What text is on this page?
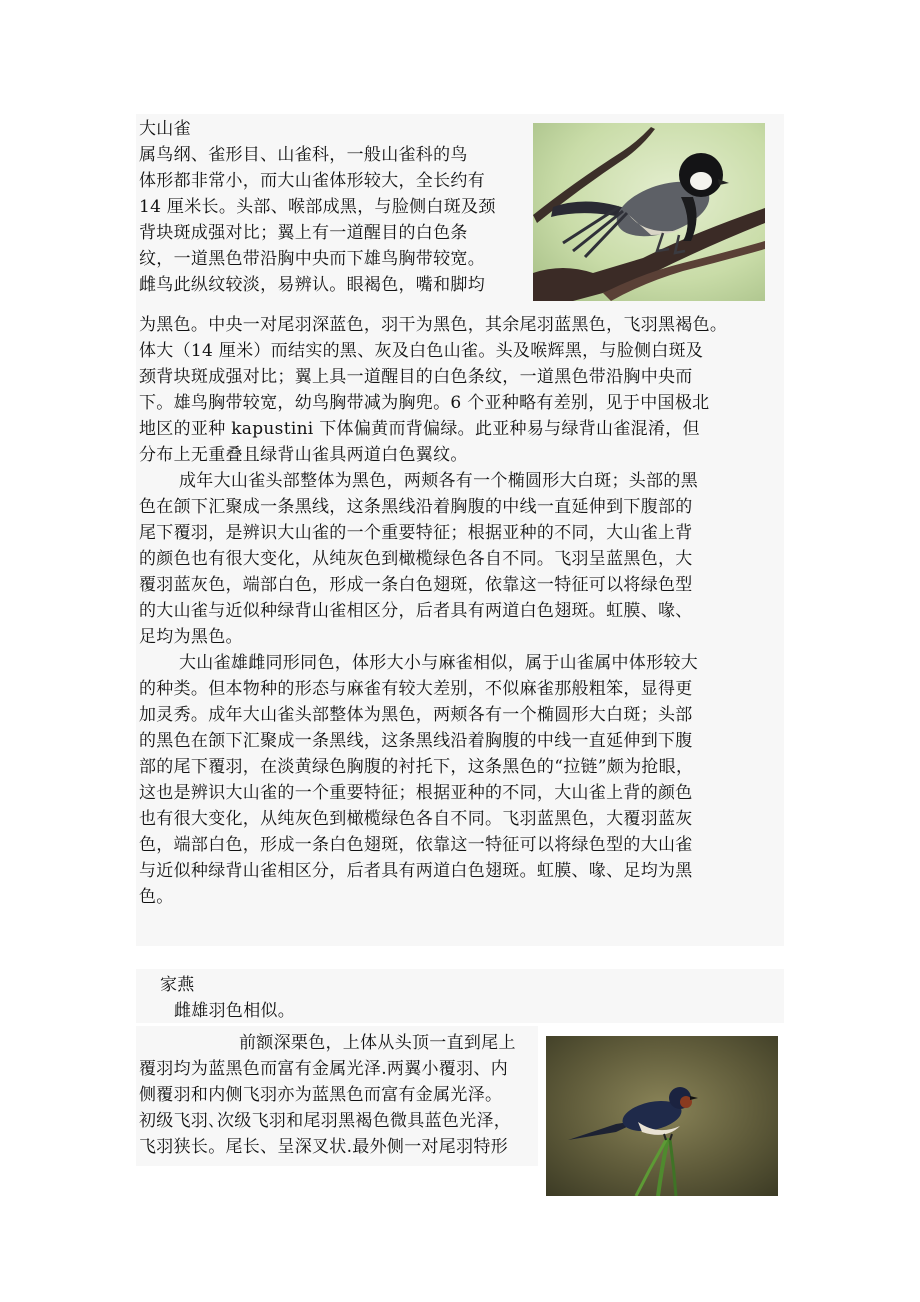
大山雀
属鸟纲、雀形目、山雀科，一般山雀科的鸟
体形都非常小，而大山雀体形较大，全长约有
14 厘米长。头部、喉部成黑，与脸侧白斑及颈
背块斑成强对比；翼上有一道醒目的白色条
纹，一道黑色带沿胸中央而下雄鸟胸带较宽。
雌鸟此纵纹较淡，易辨认。眼褐色，嘴和脚均
为黑色。中央一对尾羽深蓝色，羽干为黑色，其余尾羽蓝黑色，飞羽黑褐色。
体大（14 厘米）而结实的黑、灰及白色山雀。头及喉辉黑，与脸侧白斑及
颈背块斑成强对比；翼上具一道醒目的白色条纹，一道黑色带沿胸中央而
下。雄鸟胸带较宽，幼鸟胸带减为胸兜。6 个亚种略有差别，见于中国极北
地区的亚种 kapustini 下体偏黄而背偏绿。此亚种易与绿背山雀混淆，但
分布上无重叠且绿背山雀具两道白色翼纹。
成年大山雀头部整体为黑色，两颊各有一个椭圆形大白斑；头部的黑
色在颌下汇聚成一条黑线，这条黑线沿着胸腹的中线一直延伸到下腹部的
尾下覆羽，是辨识大山雀的一个重要特征；根据亚种的不同，大山雀上背
的颜色也有很大变化，从纯灰色到橄榄绿色各自不同。飞羽呈蓝黑色，大
覆羽蓝灰色，端部白色，形成一条白色翅斑，依靠这一特征可以将绿色型
的大山雀与近似种绿背山雀相区分，后者具有两道白色翅斑。虹膜、喙、
足均为黑色。
大山雀雄雌同形同色，体形大小与麻雀相似，属于山雀属中体形较大
的种类。但本物种的形态与麻雀有较大差别，不似麻雀那般粗笨，显得更
加灵秀。成年大山雀头部整体为黑色，两颊各有一个椭圆形大白斑；头部
的黑色在颌下汇聚成一条黑线，这条黑线沿着胸腹的中线一直延伸到下腹
部的尾下覆羽，在淡黄绿色胸腹的衬托下，这条黑色的“拉链”颇为抢眼，
这也是辨识大山雀的一个重要特征；根据亚种的不同，大山雀上背的颜色
也有很大变化，从纯灰色到橄榄绿色各自不同。飞羽蓝黑色，大覆羽蓝灰
色，端部白色，形成一条白色翅斑，依靠这一特征可以将绿色型的大山雀
与近似种绿背山雀相区分，后者具有两道白色翅斑。虹膜、喙、足均为黑
色。
家燕
雌雄羽色相似。
前额深栗色，上体从头顶一直到尾上
覆羽均为蓝黑色而富有金属光泽.两翼小覆羽、内
侧覆羽和内侧飞羽亦为蓝黑色而富有金属光泽。
初级飞羽､次级飞羽和尾羽黑褐色微具蓝色光泽，
飞羽狭长。尾长、呈深叉状.最外侧一对尾羽特形
